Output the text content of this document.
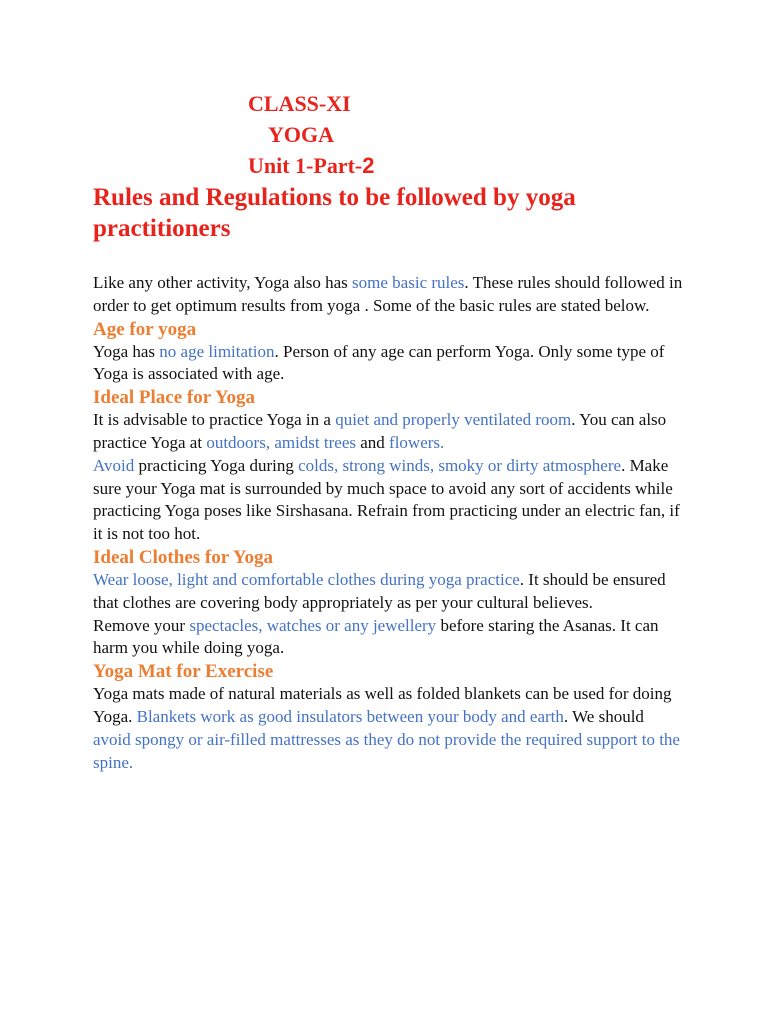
CLASS-XI
YOGA
Unit 1-Part-2
Rules and Regulations to be followed by yoga practitioners

Like any other activity, Yoga also has some basic rules. These rules should followed in order to get optimum results from yoga . Some of the basic rules are stated below.

Age for yoga

Yoga has no age limitation. Person of any age can perform Yoga. Only some type of Yoga is associated with age.

Ideal Place for Yoga

It is advisable to practice Yoga in a quiet and properly ventilated room. You can also practice Yoga at outdoors, amidst trees and flowers.

Avoid practicing Yoga during colds, strong winds, smoky or dirty atmosphere. Make sure your Yoga mat is surrounded by much space to avoid any sort of accidents while practicing Yoga poses like Sirshasana. Refrain from practicing under an electric fan, if it is not too hot.

Ideal Clothes for Yoga

Wear loose, light and comfortable clothes during yoga practice. It should be ensured that clothes are covering body appropriately as per your cultural believes.

Remove your spectacles, watches or any jewellery before staring the Asanas. It can harm you while doing yoga.

Yoga Mat for Exercise

Yoga mats made of natural materials as well as folded blankets can be used for doing Yoga. Blankets work as good insulators between your body and earth. We should avoid spongy or air-filled mattresses as they do not provide the required support to the spine.
